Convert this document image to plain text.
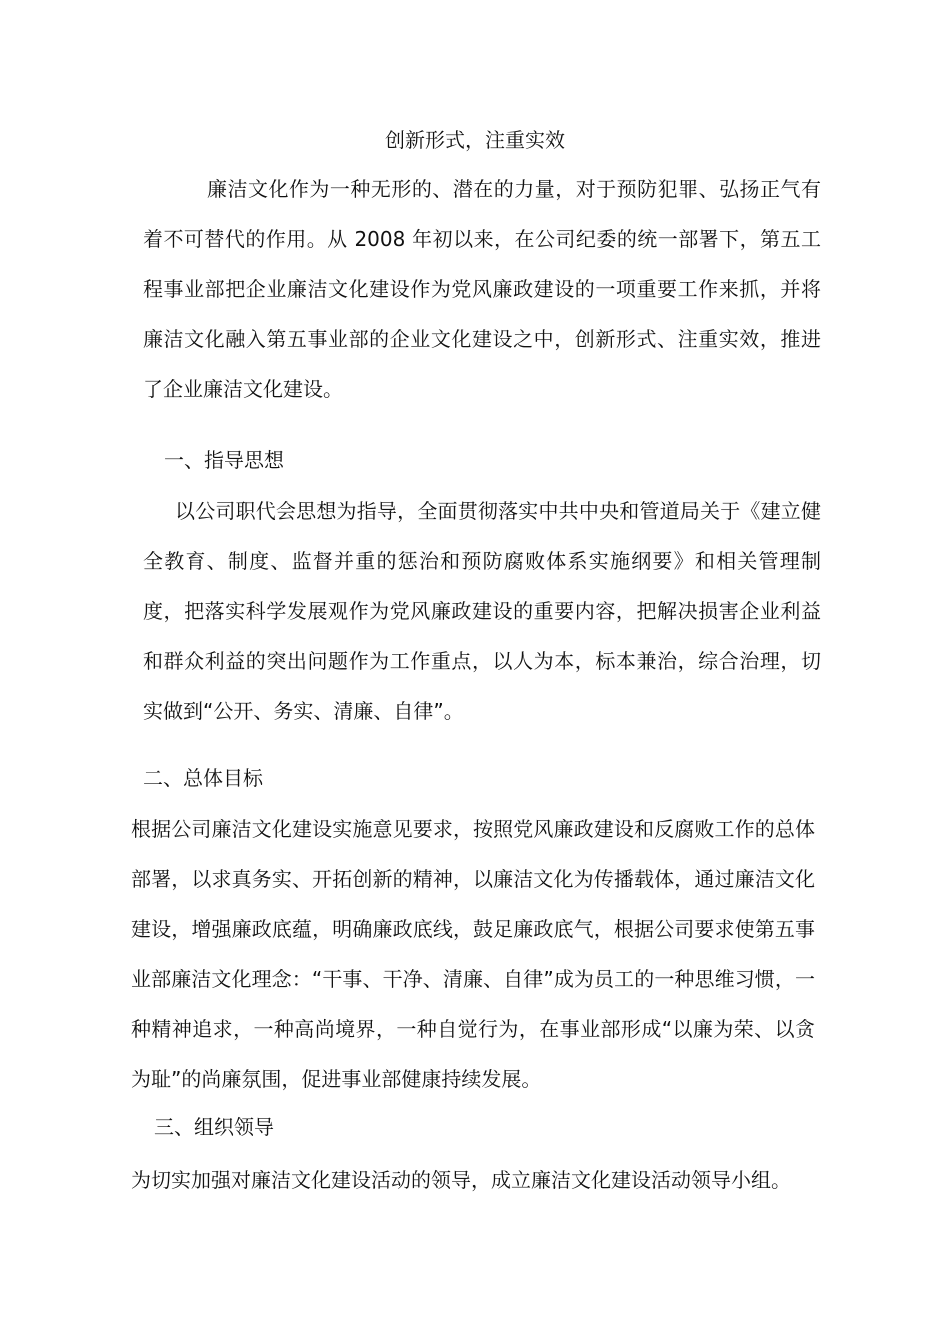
创新形式，注重实效

廉洁文化作为一种无形的、潜在的力量，对于预防犯罪、弘扬正气有着不可替代的作用。从 2008 年初以来，在公司纪委的统一部署下，第五工程事业部把企业廉洁文化建设作为党风廉政建设的一项重要工作来抓，并将廉洁文化融入第五事业部的企业文化建设之中，创新形式、注重实效，推进了企业廉洁文化建设。

一、指导思想

以公司职代会思想为指导，全面贯彻落实中共中央和管道局关于《建立健全教育、制度、监督并重的惩治和预防腐败体系实施纲要》和相关管理制度，把落实科学发展观作为党风廉政建设的重要内容，把解决损害企业利益和群众利益的突出问题作为工作重点，以人为本，标本兼治，综合治理，切实做到“公开、务实、清廉、自律”。

二、总体目标

根据公司廉洁文化建设实施意见要求，按照党风廉政建设和反腐败工作的总体部署，以求真务实、开拓创新的精神，以廉洁文化为传播载体，通过廉洁文化建设，增强廉政底蕴，明确廉政底线，鼓足廉政底气，根据公司要求使第五事业部廉洁文化理念：“干事、干净、清廉、自律”成为员工的一种思维习惯，一种精神追求，一种高尚境界，一种自觉行为，在事业部形成“以廉为荣、以贪为耻”的尚廉氛围，促进事业部健康持续发展。

三、组织领导

为切实加强对廉洁文化建设活动的领导，成立廉洁文化建设活动领导小组。
